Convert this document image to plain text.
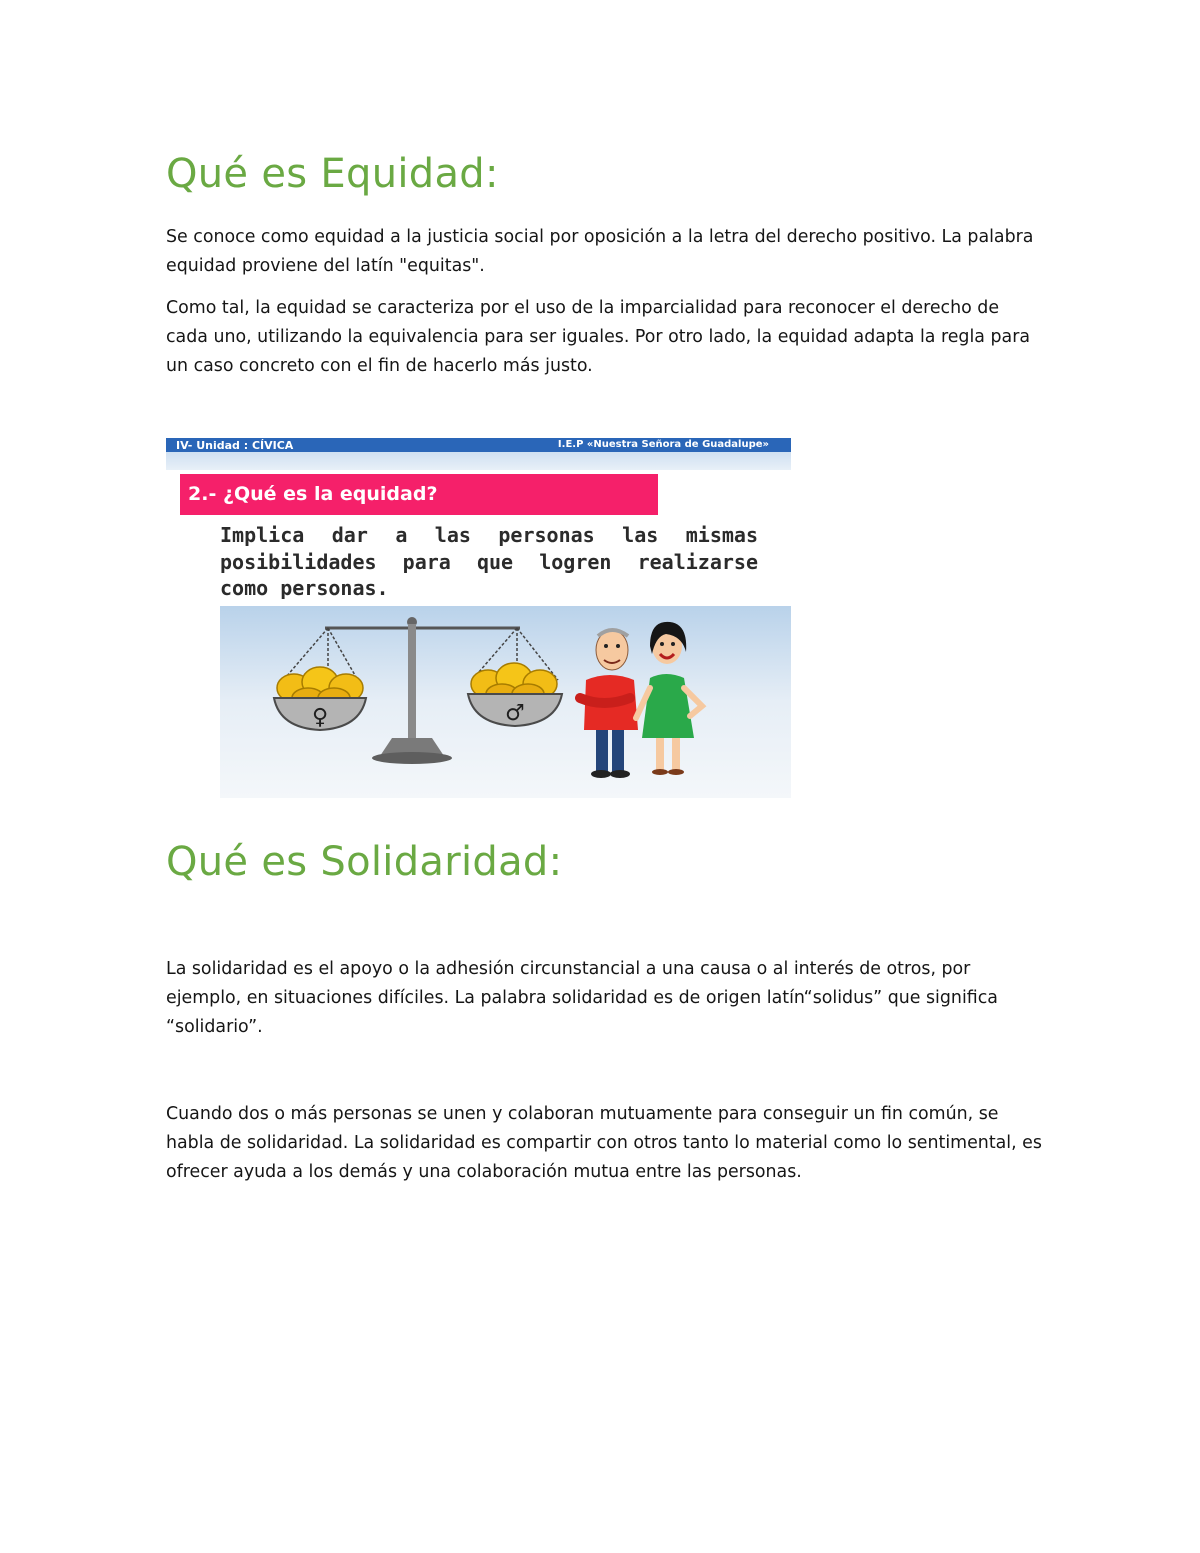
Qué es Equidad:

Se conoce como equidad a la justicia social por oposición a la letra del derecho positivo. La palabra equidad proviene del latín "equitas".

Como tal, la equidad se caracteriza por el uso de la imparcialidad para reconocer el derecho de cada uno, utilizando la equivalencia para ser iguales. Por otro lado, la equidad adapta la regla para un caso concreto con el fin de hacerlo más justo.

IV- Unidad : CÍVICA	I.E.P «Nuestra Señora de Guadalupe»
2.- ¿Qué es la equidad?

Implica dar a las personas las mismas posibilidades para que logren realizarse como personas.

♀	♂
Qué es Solidaridad:

La solidaridad es el apoyo o la adhesión circunstancial a una causa o al interés de otros, por ejemplo, en situaciones difíciles. La palabra solidaridad es de origen latín“solidus” que significa “solidario”.

Cuando dos o más personas se unen y colaboran mutuamente para conseguir un fin común, se habla de solidaridad. La solidaridad es compartir con otros tanto lo material como lo sentimental, es ofrecer ayuda a los demás y una colaboración mutua entre las personas.
